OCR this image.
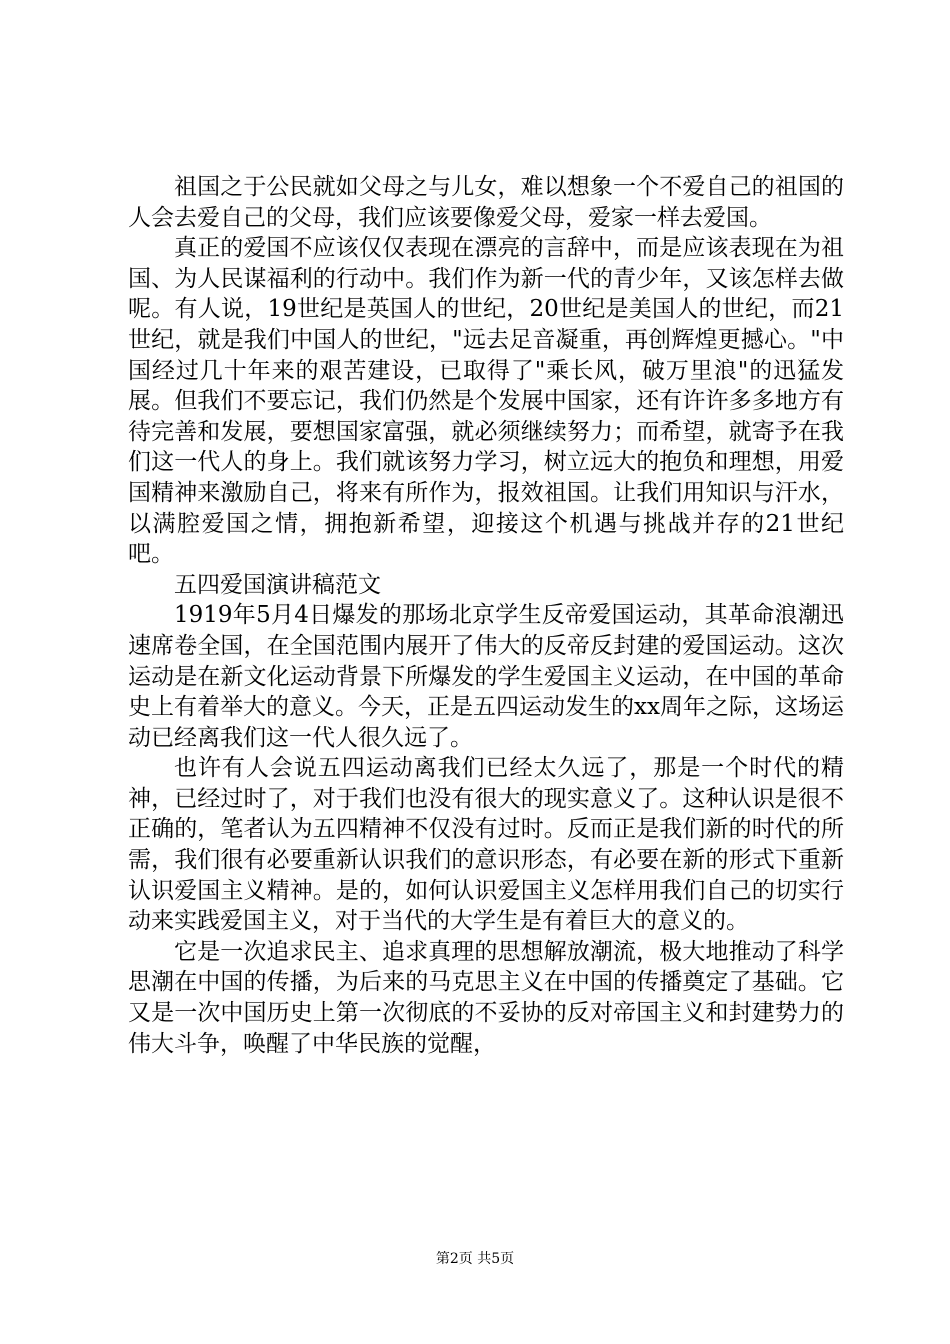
祖国之于公民就如父母之与儿女，难以想象一个不爱自己的祖国的人会去爱自己的父母，我们应该要像爱父母，爱家一样去爱国。

真正的爱国不应该仅仅表现在漂亮的言辞中，而是应该表现在为祖国、为人民谋福利的行动中。我们作为新一代的青少年，又该怎样去做呢。有人说，19世纪是英国人的世纪，20世纪是美国人的世纪，而21世纪，就是我们中国人的世纪，"远去足音凝重，再创辉煌更撼心。"中国经过几十年来的艰苦建设，已取得了"乘长风，破万里浪"的迅猛发展。但我们不要忘记，我们仍然是个发展中国家，还有许许多多地方有待完善和发展，要想国家富强，就必须继续努力；而希望，就寄予在我们这一代人的身上。我们就该努力学习，树立远大的抱负和理想，用爱国精神来激励自己，将来有所作为，报效祖国。让我们用知识与汗水，以满腔爱国之情，拥抱新希望，迎接这个机遇与挑战并存的21世纪吧。

五四爱国演讲稿范文

1919年5月4日爆发的那场北京学生反帝爱国运动，其革命浪潮迅速席卷全国，在全国范围内展开了伟大的反帝反封建的爱国运动。这次运动是在新文化运动背景下所爆发的学生爱国主义运动，在中国的革命史上有着举大的意义。今天，正是五四运动发生的xx周年之际，这场运动已经离我们这一代人很久远了。

也许有人会说五四运动离我们已经太久远了，那是一个时代的精神，已经过时了，对于我们也没有很大的现实意义了。这种认识是很不正确的，笔者认为五四精神不仅没有过时。反而正是我们新的时代的所需，我们很有必要重新认识我们的意识形态，有必要在新的形式下重新认识爱国主义精神。是的，如何认识爱国主义怎样用我们自己的切实行动来实践爱国主义，对于当代的大学生是有着巨大的意义的。

它是一次追求民主、追求真理的思想解放潮流，极大地推动了科学思潮在中国的传播，为后来的马克思主义在中国的传播奠定了基础。它又是一次中国历史上第一次彻底的不妥协的反对帝国主义和封建势力的伟大斗争，唤醒了中华民族的觉醒，

第2页 共5页
